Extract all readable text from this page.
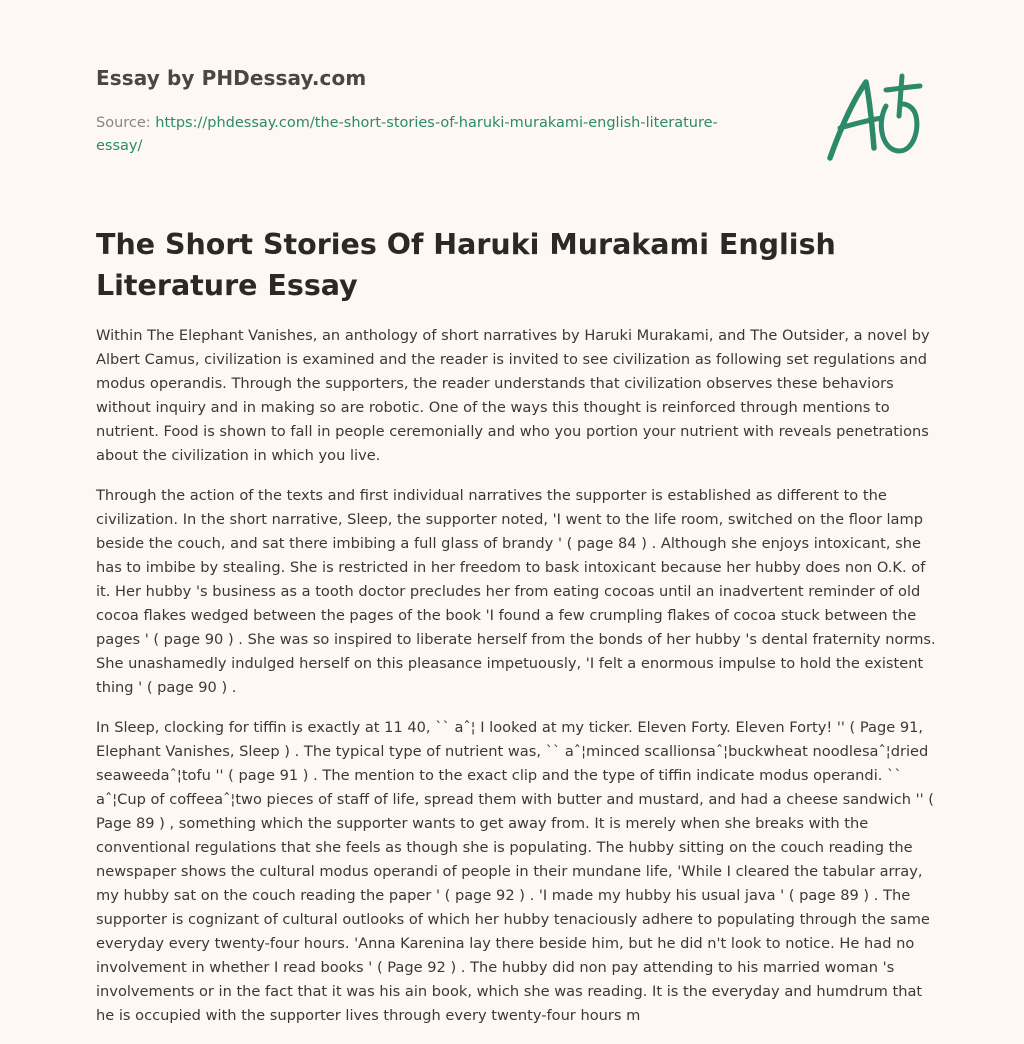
Essay by PHDessay.com
Source: https://phdessay.com/the-short-stories-of-haruki-murakami-english-literature-essay/
The Short Stories Of Haruki Murakami English Literature Essay

Within The Elephant Vanishes, an anthology of short narratives by Haruki Murakami, and The Outsider, a novel by Albert Camus, civilization is examined and the reader is invited to see civilization as following set regulations and modus operandis. Through the supporters, the reader understands that civilization observes these behaviors without inquiry and in making so are robotic. One of the ways this thought is reinforced through mentions to nutrient. Food is shown to fall in people ceremonially and who you portion your nutrient with reveals penetrations about the civilization in which you live.

Through the action of the texts and first individual narratives the supporter is established as different to the civilization. In the short narrative, Sleep, the supporter noted, 'I went to the life room, switched on the floor lamp beside the couch, and sat there imbibing a full glass of brandy ' ( page 84 ) . Although she enjoys intoxicant, she has to imbibe by stealing. She is restricted in her freedom to bask intoxicant because her hubby does non O.K. of it. Her hubby 's business as a tooth doctor precludes her from eating cocoas until an inadvertent reminder of old cocoa flakes wedged between the pages of the book 'I found a few crumpling flakes of cocoa stuck between the pages ' ( page 90 ) . She was so inspired to liberate herself from the bonds of her hubby 's dental fraternity norms. She unashamedly indulged herself on this pleasance impetuously, 'I felt a enormous impulse to hold the existent thing ' ( page 90 ) .

In Sleep, clocking for tiffin is exactly at 11 40, `` aˆ¦ I looked at my ticker. Eleven Forty. Eleven Forty! '' ( Page 91, Elephant Vanishes, Sleep ) . The typical type of nutrient was, `` aˆ¦minced scallionsaˆ¦buckwheat noodlesaˆ¦dried seaweedaˆ¦tofu '' ( page 91 ) . The mention to the exact clip and the type of tiffin indicate modus operandi. `` aˆ¦Cup of coffeeaˆ¦two pieces of staff of life, spread them with butter and mustard, and had a cheese sandwich '' ( Page 89 ) , something which the supporter wants to get away from. It is merely when she breaks with the conventional regulations that she feels as though she is populating. The hubby sitting on the couch reading the newspaper shows the cultural modus operandi of people in their mundane life, 'While I cleared the tabular array, my hubby sat on the couch reading the paper ' ( page 92 ) . 'I made my hubby his usual java ' ( page 89 ) . The supporter is cognizant of cultural outlooks of which her hubby tenaciously adhere to populating through the same everyday every twenty-four hours. 'Anna Karenina lay there beside him, but he did n't look to notice. He had no involvement in whether I read books ' ( Page 92 ) . The hubby did non pay attending to his married woman 's involvements or in the fact that it was his ain book, which she was reading. It is the everyday and humdrum that he is occupied with the supporter lives through every twenty-four hours m
